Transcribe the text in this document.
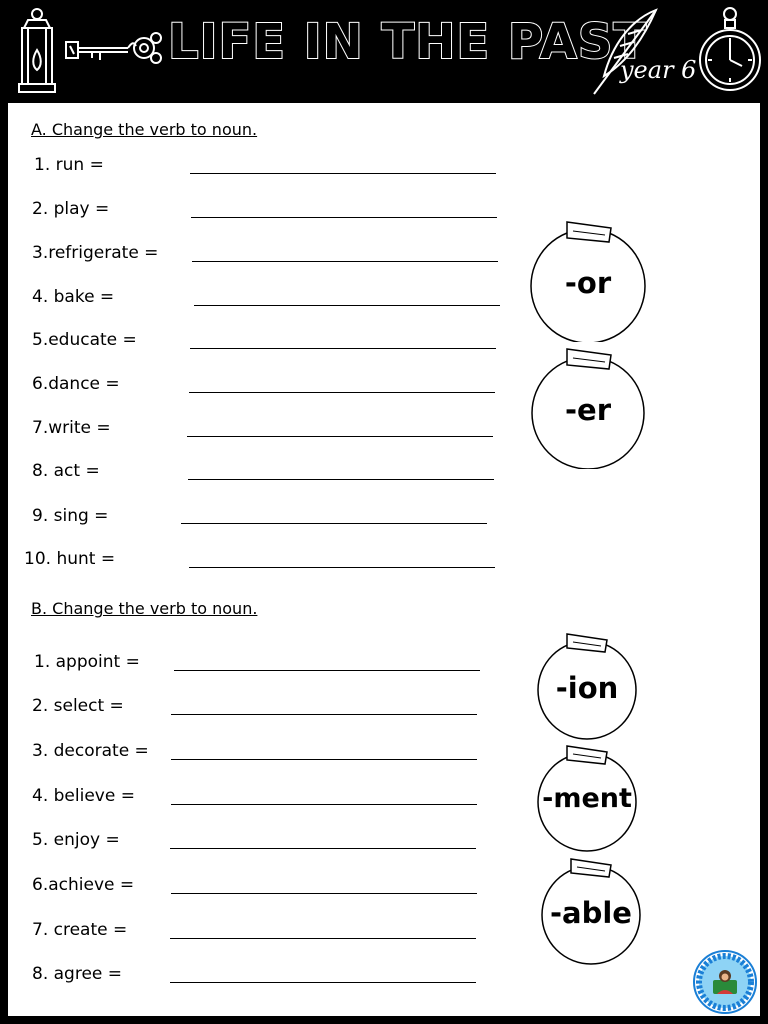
LIFE IN THE PAST
year 6
A. Change the verb to noun.
1. run =
2. play =
3.refrigerate =
4. bake =
5.educate =
6.dance =
7.write =
8. act =
9. sing =
10. hunt =
B. Change the verb to noun.
1. appoint =
2. select =
3. decorate =
4. believe =
5. enjoy =
6.achieve =
7. create =
8. agree =
-or
-er
-ion
-ment
-able
